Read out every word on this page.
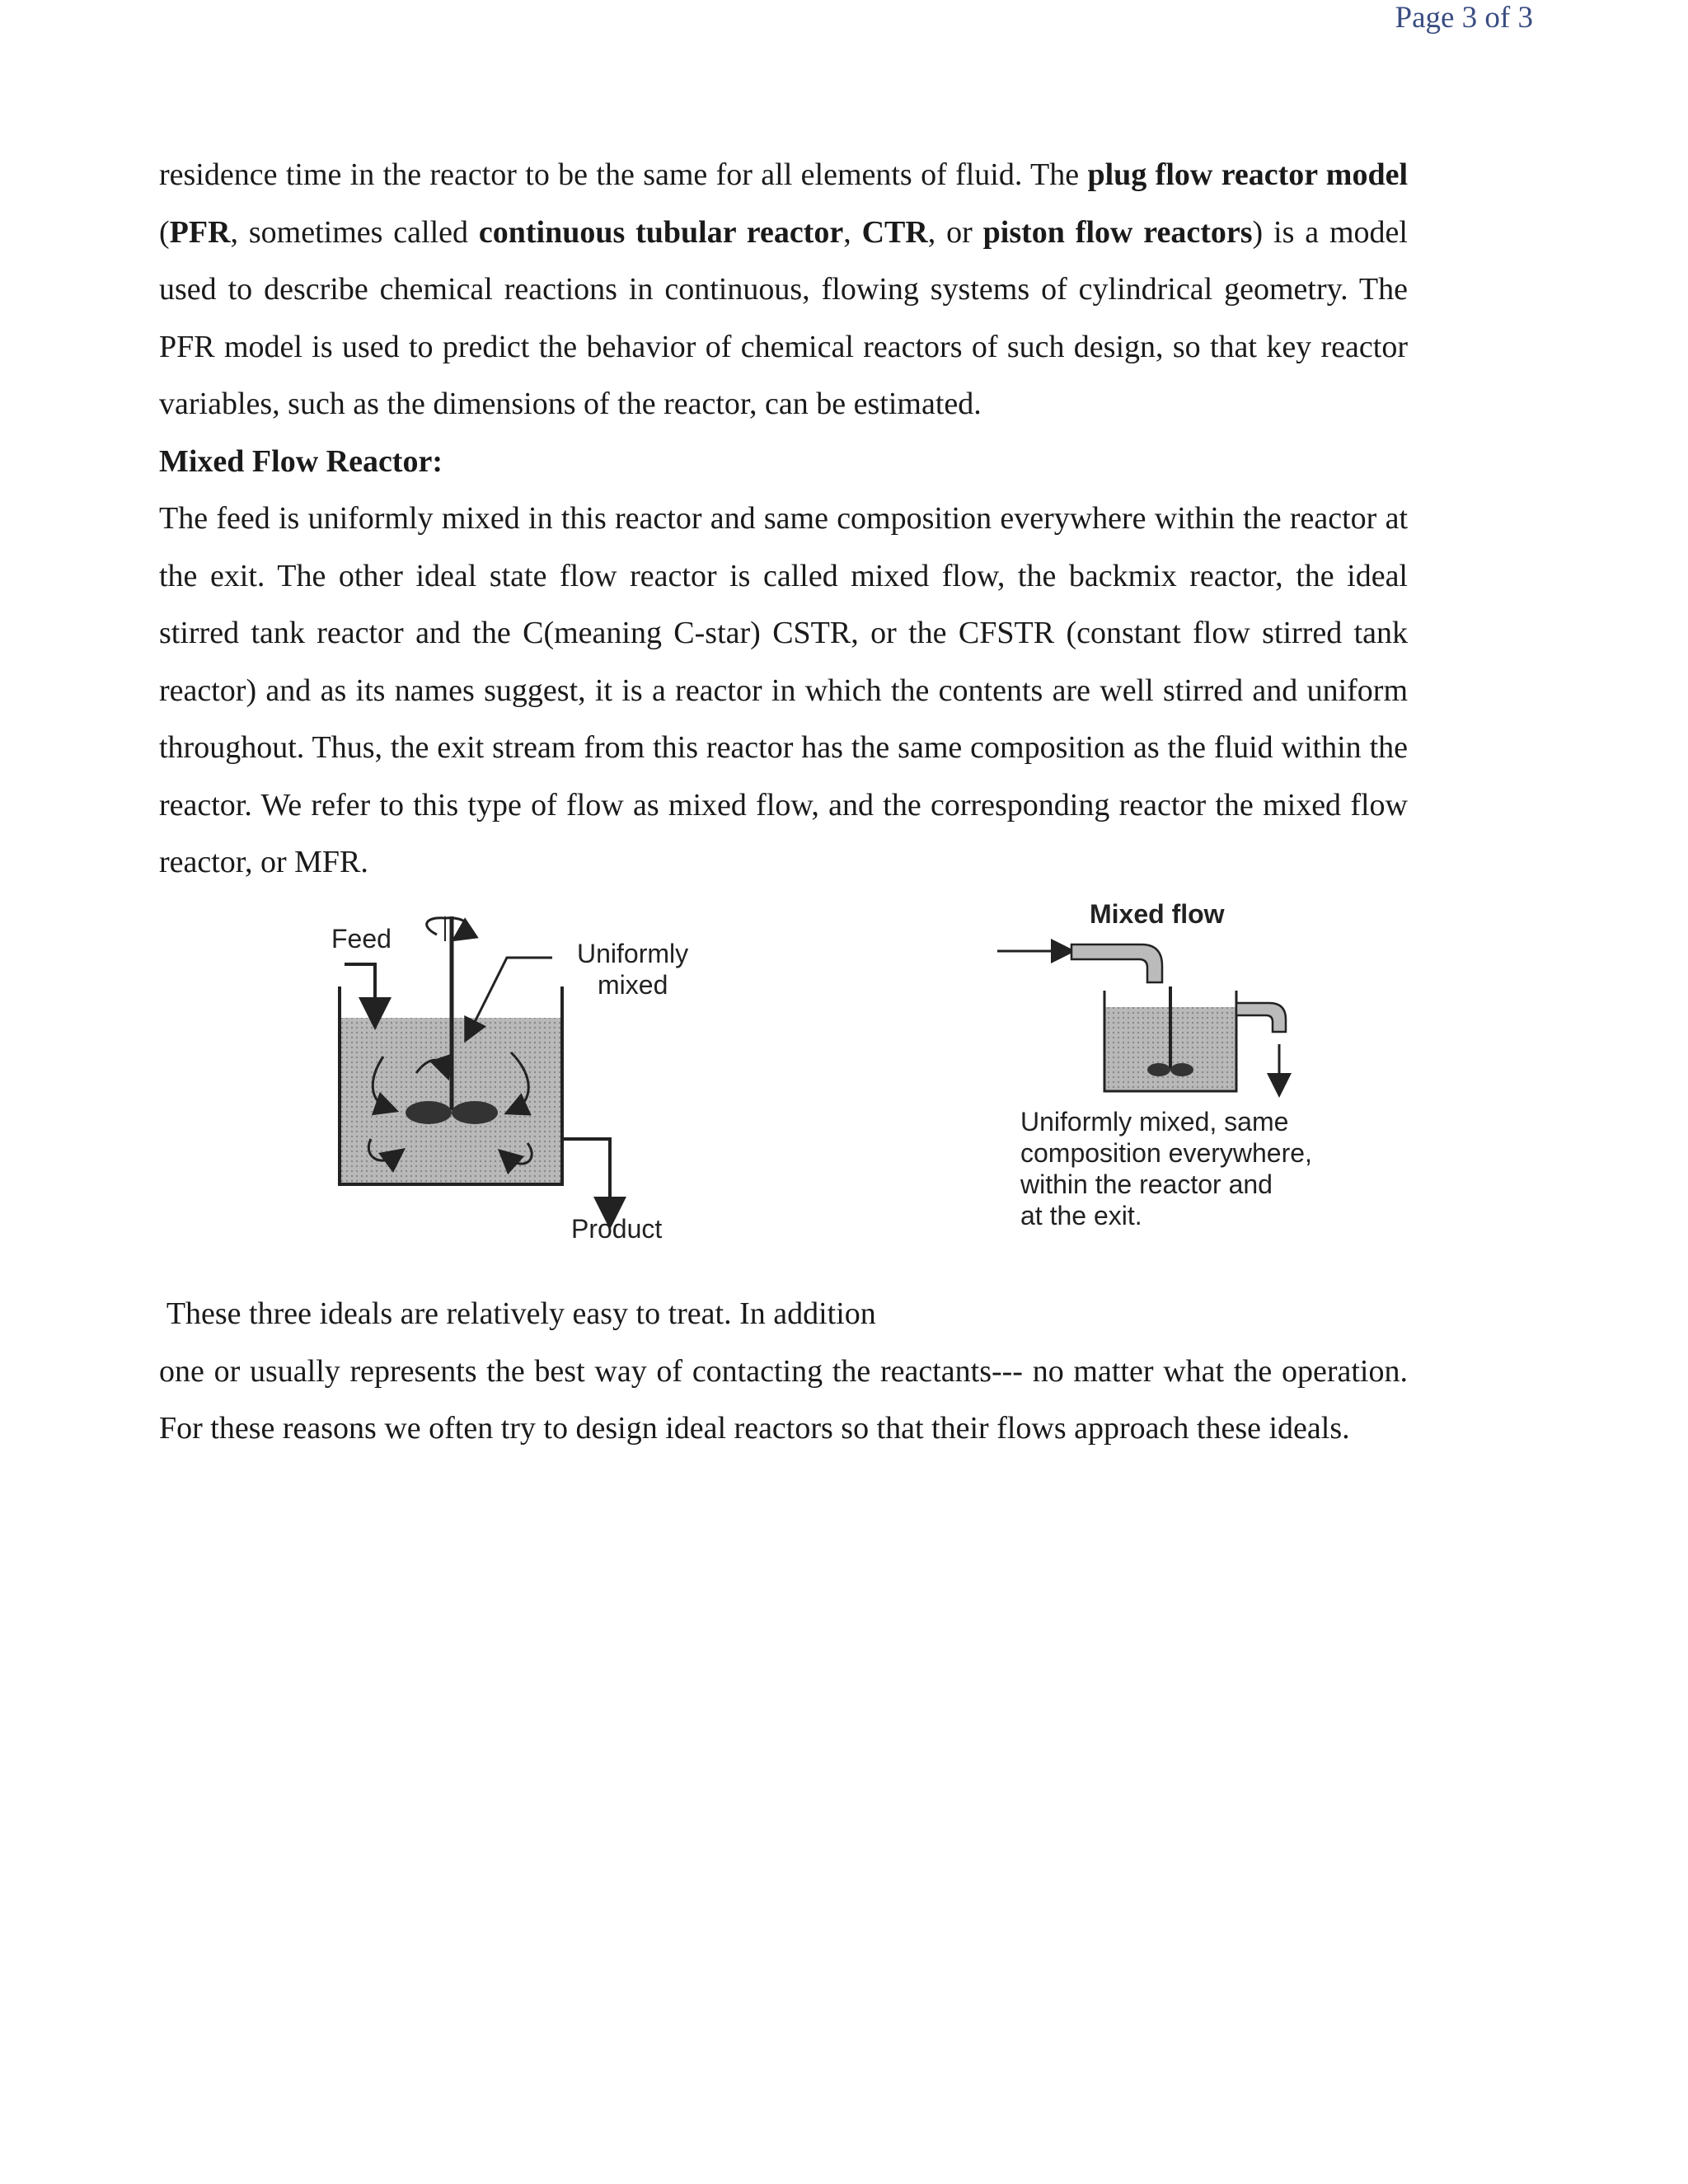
Page 3 of 3

residence time in the reactor to be the same for all elements of fluid. The plug flow reactor model (PFR, sometimes called continuous tubular reactor, CTR, or piston flow reactors) is a model used to describe chemical reactions in continuous, flowing systems of cylindrical geometry. The PFR model is used to predict the behavior of chemical reactors of such design, so that key reactor variables, such as the dimensions of the reactor, can be estimated.

Mixed Flow Reactor:

The feed is uniformly mixed in this reactor and same composition everywhere within the reactor at the exit. The other ideal state flow reactor is called mixed flow, the backmix reactor, the ideal stirred tank reactor and the C(meaning C-star) CSTR, or the CFSTR (constant flow stirred tank reactor) and as its names suggest, it is a reactor in which the contents are well stirred and uniform throughout. Thus, the exit stream from this reactor has the same composition as the fluid within the reactor. We refer to this type of flow as mixed flow, and the corresponding reactor the mixed flow reactor, or MFR.

Feed	Uniformly
mixed
Product
Mixed flow
Uniformly mixed, same
composition everywhere,
within the reactor and
at the exit.

These three ideals are relatively easy to treat. In addition

one or usually represents the best way of contacting the reactants--- no matter what the operation. For these reasons we often try to design ideal reactors so that their flows approach these ideals.
